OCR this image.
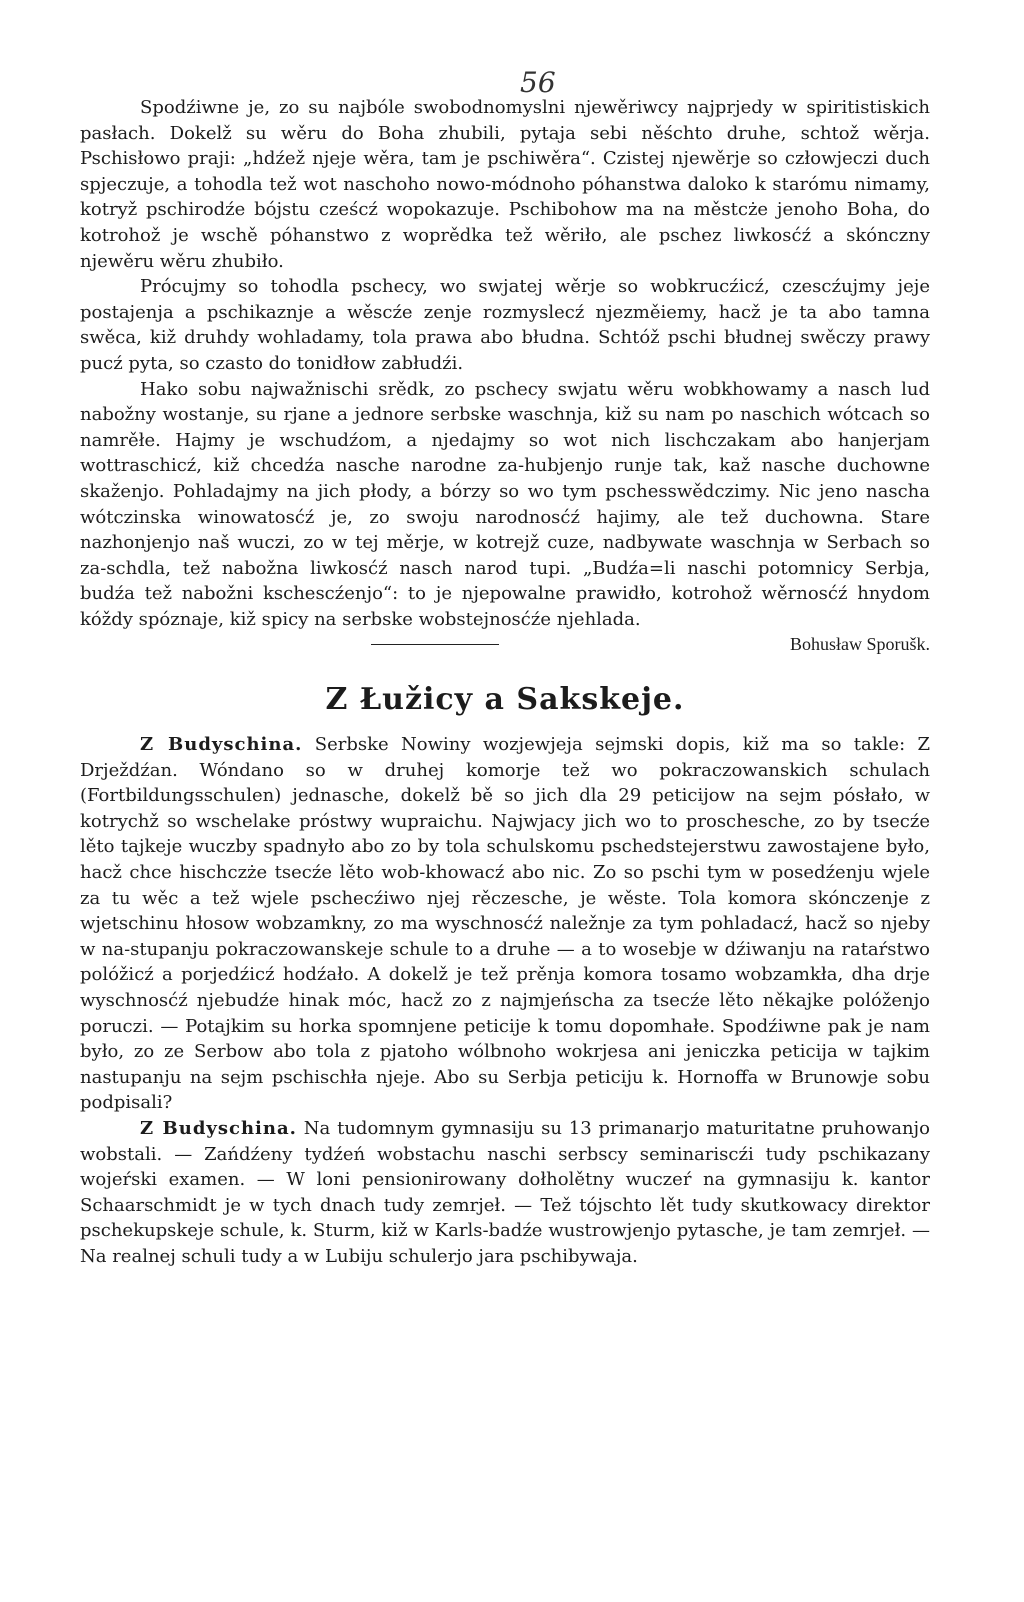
56

Spodźiwne je, zo su najbóle swobodnomyslni njewěriwcy najprjedy w spiritistiskich pasłach. Dokelž su wěru do Boha zhubili, pytaja sebi něśchto druhe, schtož wěrja. Pschisłowo praji: „hdźež njeje wěra, tam je pschiwěra“. Czistej njewěrje so człowjeczi duch spjeczuje, a tohodla tež wot naschoho nowo-módnoho póhanstwa daloko k starómu nimamy, kotryž pschirodźe bójstu cześcź wopokazuje. Pschibohow ma na městcże jenoho Boha, do kotrohož je wschě póhanstwo z woprědka tež wěriło, ale pschez liwkosćź a skónczny njewěru wěru zhubiło.

Prócujmy so tohodla pschecy, wo swjatej wěrje so wobkrucźicź, czescźujmy jeje postajenja a pschikaznje a wěscźe zenje rozmyslecź njezměiemy, hacž je ta abo tamna swěca, kiž druhdy wohladamy, tola prawa abo błudna. Schtóž pschi błudnej swěczy prawy pucź pyta, so czasto do tonidłow zabłudźi.

Hako sobu najwažnischi srědk, zo pschecy swjatu wěru wobkhowamy a nasch lud nabožny wostanje, su rjane a jednore serbske waschnja, kiž su nam po naschich wótcach so namrěłe. Hajmy je wschudźom, a njedajmy so wot nich lischczakam abo hanjerjam wottraschicź, kiž chcedźa nasche narodne za-hubjenjo runje tak, kaž nasche duchowne skaženjo. Pohladajmy na jich płody, a bórzy so wo tym pschesswědczimy. Nic jeno nascha wótczinska winowatosćź je, zo swoju narodnosćź hajimy, ale tež duchowna. Stare nazhonjenjo naš wuczi, zo w tej měrje, w kotrejž cuze, nadbywate waschnja w Serbach so za-schdla, tež nabožna liwkosćź nasch narod tupi. „Budźa=li naschi potomnicy Serbja, budźa tež nabožni kschescźenjo“: to je njepowalne prawidło, kotrohož wěrnosćź hnydom kóždy spóznaje, kiž spicy na serbske wobstejnosćźe njehlada.

Bohusław Sporušk.
Z Łužicy a Sakskeje.

Z Budyschina. Serbske Nowiny wozjewjeja sejmski dopis, kiž ma so takle: Z Drježdźan. Wóndano so w druhej komorje tež wo pokraczowanskich schulach (Fortbildungsschulen) jednasche, dokelž bě so jich dla 29 peticijow na sejm pósłało, w kotrychž so wschelake próstwy wupraichu. Najwjacy jich wo to proschesche, zo by tsecźe lěto tajkeje wuczby spadnyło abo zo by tola schulskomu pschedstejerstwu zawostajene było, hacž chce hischczże tsecźe lěto wob-khowacź abo nic. Zo so pschi tym w posedźenju wjele za tu wěc a tež wjele pschecźiwo njej rěczesche, je wěste. Tola komora skónczenje z wjetschinu hłosow wobzamkny, zo ma wyschnosćź naležnje za tym pohladacź, hacž so njeby w na-stupanju pokraczowanskeje schule to a druhe — a to wosebje w dźiwanju na rataŕstwo polóžicź a porjedźicź hodźało. A dokelž je tež prěnja komora tosamo wobzamkła, dha drje wyschnosćź njebudźe hinak móc, hacž zo z najmjeńscha za tsecźe lěto někajke polóženjo poruczi. — Potajkim su horka spomnjene peticije k tomu dopomhałe. Spodźiwne pak je nam było, zo ze Serbow abo tola z pjatoho wólbnoho wokrjesa ani jeniczka peticija w tajkim nastupanju na sejm pschischła njeje. Abo su Serbja peticiju k. Hornoffa w Brunowje sobu podpisali?

Z Budyschina. Na tudomnym gymnasiju su 13 primanarjo maturitatne pruhowanjo wobstali. — Zańdźeny tydźeń wobstachu naschi serbscy seminariscźi tudy pschikazany wojeŕski examen. — W loni pensionirowany dołholětny wuczeŕ na gymnasiju k. kantor Schaarschmidt je w tych dnach tudy zemrjeł. — Tež tójschto lět tudy skutkowacy direktor pschekupskeje schule, k. Sturm, kiž w Karls-badźe wustrowjenjo pytasche, je tam zemrjeł. — Na realnej schuli tudy a w Lubiju schulerjo jara pschibywaja.
